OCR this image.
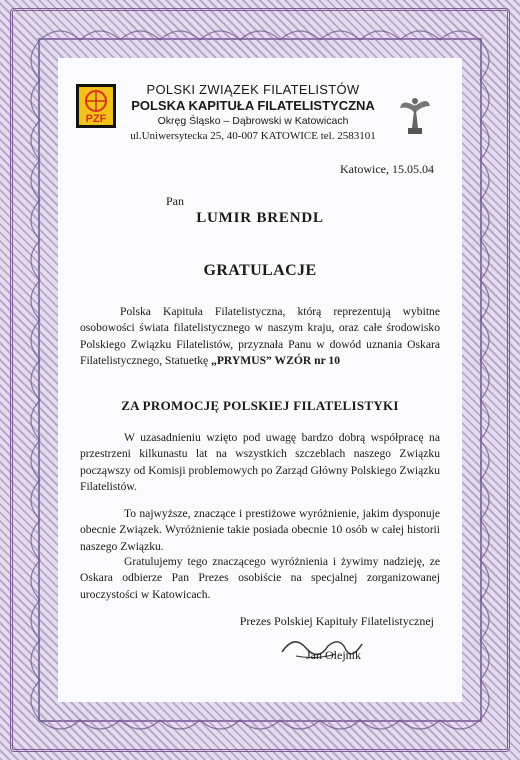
PZF
POLSKI ZWIĄZEK FILATELISTÓW
POLSKA KAPITUŁA FILATELISTYCZNA
Okręg Śląsko – Dąbrowski w Katowicach
ul.Uniwersytecka 25, 40-007 KATOWICE tel. 2583101
Katowice, 15.05.04
Pan
LUMIR BRENDL
GRATULACJE
Polska Kapituła Filatelistyczna, którą reprezentują wybitne osobowości świata filatelistycznego w naszym kraju, oraz całe środowisko Polskiego Związku Filatelistów, przyznała Panu w dowód uznania Oskara Filatelistycznego, Statuetkę „PRYMUS” WZÓR nr 10
ZA PROMOCJĘ POLSKIEJ FILATELISTYKI
W uzasadnieniu wzięto pod uwagę bardzo dobrą współpracę na przestrzeni kilkunastu lat na wszystkich szczeblach naszego Związku począwszy od Komisji problemowych po Zarząd Główny Polskiego Związku Filatelistów.
To najwyższe, znaczące i prestiżowe wyróżnienie, jakim dysponuje obecnie Związek. Wyróżnienie takie posiada obecnie 10 osób w całej historii naszego Związku.
Gratulujemy tego znaczącego wyróżnienia i żywimy nadzieję, ze Oskara odbierze Pan Prezes osobiście na specjalnej zorganizowanej uroczystości w Katowicach.
Prezes Polskiej Kapituły Filatelistycznej
Jan Olejnik
